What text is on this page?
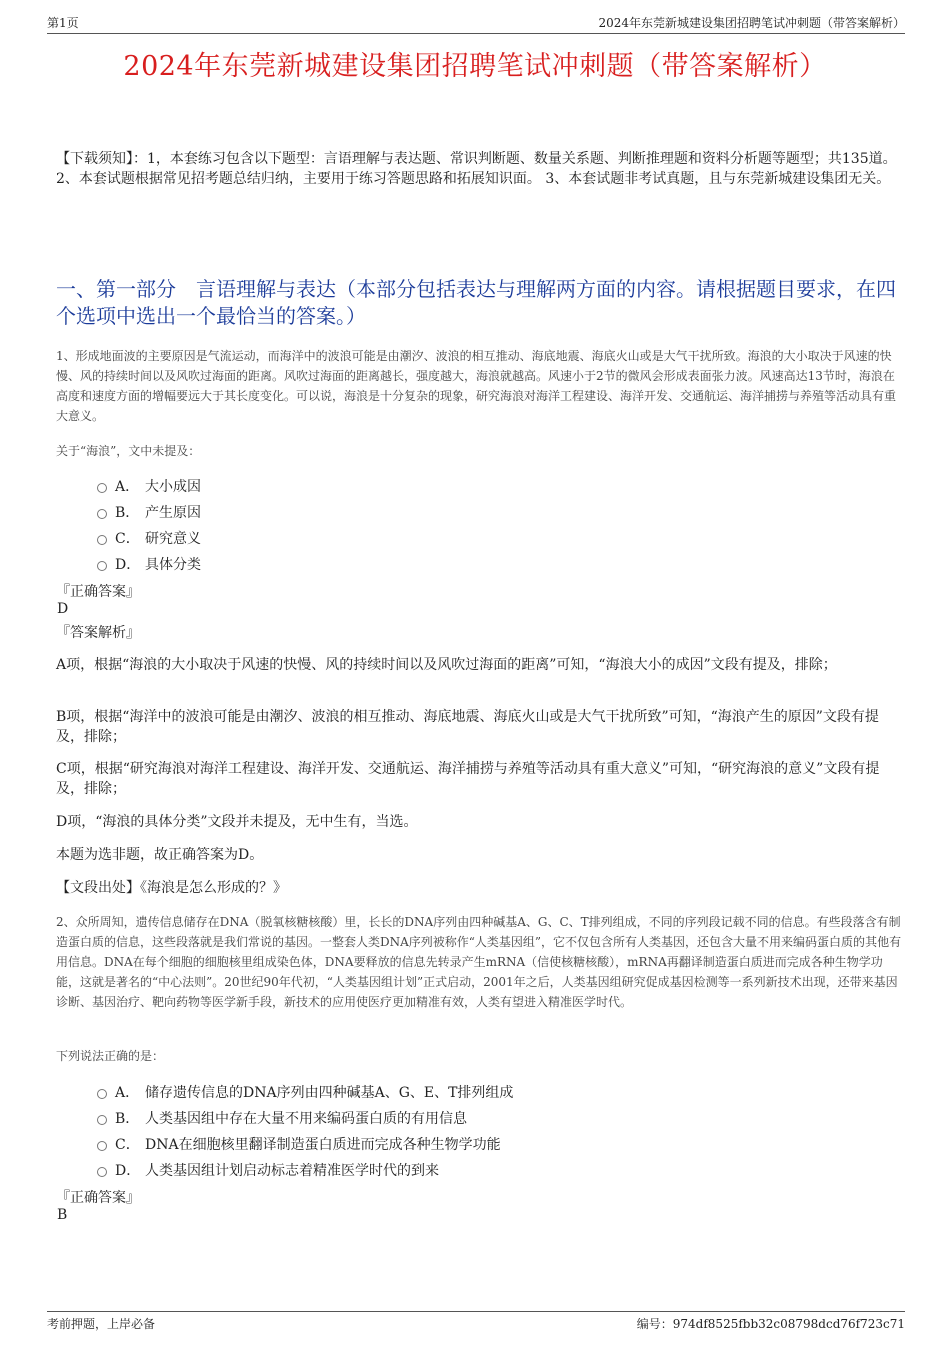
第1页	2024年东莞新城建设集团招聘笔试冲刺题（带答案解析）
2024年东莞新城建设集团招聘笔试冲刺题（带答案解析）
【下载须知】：1，本套练习包含以下题型：言语理解与表达题、常识判断题、数量关系题、判断推理题和资料分析题等题型；共135道。 2、本套试题根据常见招考题总结归纳，主要用于练习答题思路和拓展知识面。 3、本套试题非考试真题，且与东莞新城建设集团无关。
一、第一部分 言语理解与表达（本部分包括表达与理解两方面的内容。请根据题目要求，在四个选项中选出一个最恰当的答案。）
1、形成地面波的主要原因是气流运动，而海洋中的波浪可能是由潮汐、波浪的相互推动、海底地震、海底火山或是大气干扰所致。海浪的大小取决于风速的快慢、风的持续时间以及风吹过海面的距离。风吹过海面的距离越长，强度越大，海浪就越高。风速小于2节的微风会形成表面张力波。风速高达13节时，海浪在高度和速度方面的增幅要远大于其长度变化。可以说，海浪是十分复杂的现象，研究海浪对海洋工程建设、海洋开发、交通航运、海洋捕捞与养殖等活动具有重大意义。
关于“海浪”，文中未提及：
A． 大小成因
B． 产生原因
C． 研究意义
D． 具体分类
『正确答案』
D
『答案解析』
A项，根据“海浪的大小取决于风速的快慢、风的持续时间以及风吹过海面的距离”可知，“海浪大小的成因”文段有提及，排除；
B项，根据“海洋中的波浪可能是由潮汐、波浪的相互推动、海底地震、海底火山或是大气干扰所致”可知，“海浪产生的原因”文段有提及，排除；
C项，根据“研究海浪对海洋工程建设、海洋开发、交通航运、海洋捕捞与养殖等活动具有重大意义”可知，“研究海浪的意义”文段有提及，排除；
D项，“海浪的具体分类”文段并未提及，无中生有，当选。
本题为选非题，故正确答案为D。
【文段出处】《海浪是怎么形成的？》
2、众所周知，遗传信息储存在DNA（脱氧核糖核酸）里，长长的DNA序列由四种碱基A、G、C、T排列组成，不同的序列段记载不同的信息。有些段落含有制造蛋白质的信息，这些段落就是我们常说的基因。一整套人类DNA序列被称作“人类基因组”，它不仅包含所有人类基因，还包含大量不用来编码蛋白质的其他有用信息。DNA在每个细胞的细胞核里组成染色体，DNA要释放的信息先转录产生mRNA（信使核糖核酸），mRNA再翻译制造蛋白质进而完成各种生物学功能，这就是著名的“中心法则”。20世纪90年代初，“人类基因组计划”正式启动，2001年之后，人类基因组研究促成基因检测等一系列新技术出现，还带来基因诊断、基因治疗、靶向药物等医学新手段，新技术的应用使医疗更加精准有效，人类有望进入精准医学时代。
下列说法正确的是：
A． 储存遗传信息的DNA序列由四种碱基A、G、E、T排列组成
B． 人类基因组中存在大量不用来编码蛋白质的有用信息
C． DNA在细胞核里翻译制造蛋白质进而完成各种生物学功能
D． 人类基因组计划启动标志着精准医学时代的到来
『正确答案』
B
考前押题，上岸必备	编号：974df8525fbb32c08798dcd76f723c71
